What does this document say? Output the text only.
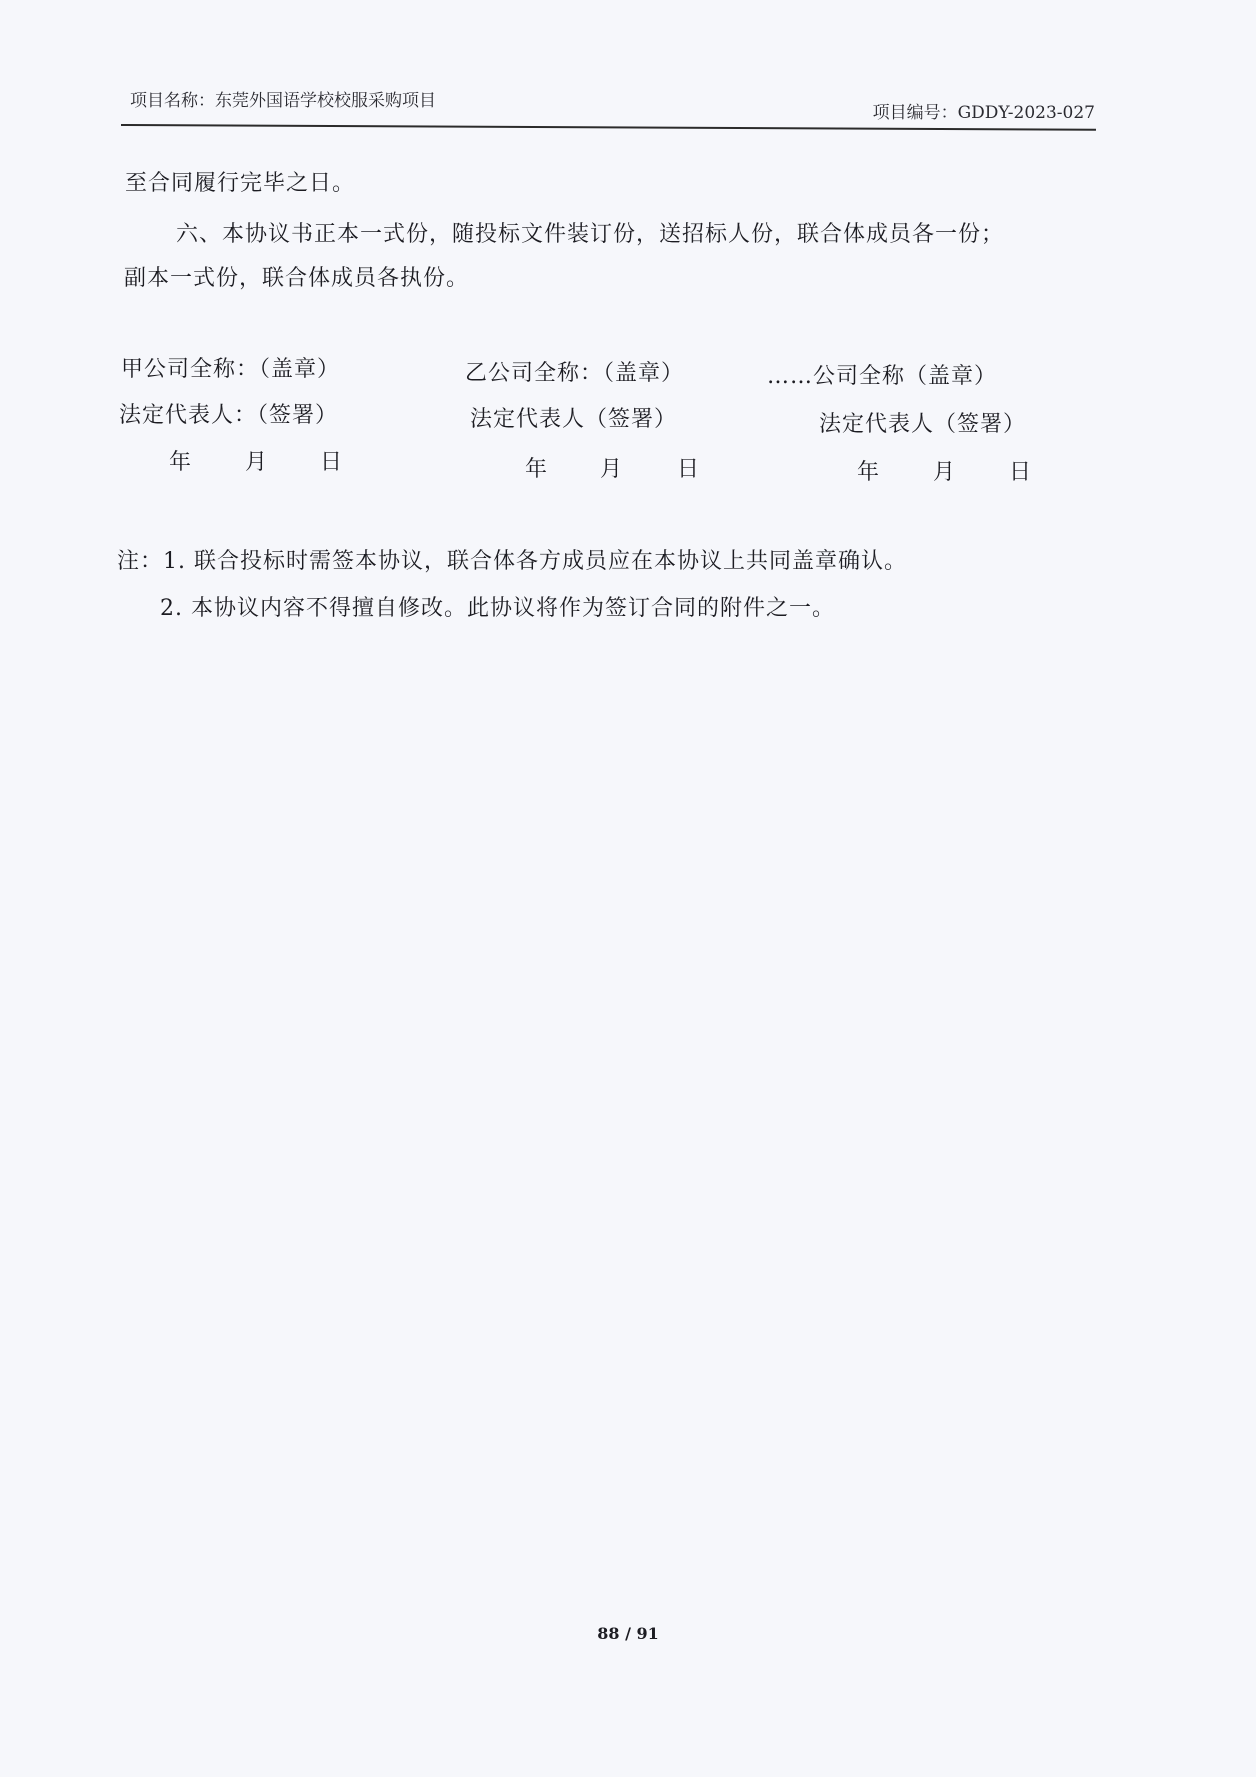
项目名称：东莞外国语学校校服采购项目
项目编号：GDDY-2023-027
至合同履行完毕之日。
六、本协议书正本一式份，随投标文件装订份，送招标人份，联合体成员各一份；
副本一式份，联合体成员各执份。
甲公司全称：（盖章）
法定代表人：（签署）
年 月 日
乙公司全称：（盖章）
法定代表人（签署）
年 月 日
……公司全称（盖章）
法定代表人（签署）
年 月 日
注：1. 联合投标时需签本协议，联合体各方成员应在本协议上共同盖章确认。
2. 本协议内容不得擅自修改。此协议将作为签订合同的附件之一。
88 / 91
